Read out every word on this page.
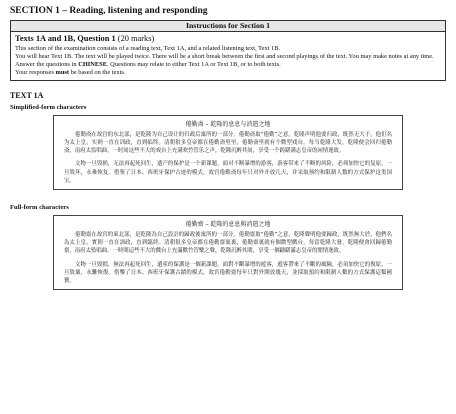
SECTION 1 – Reading, listening and responding
Instructions for Section 1
Texts 1A and 1B, Question 1 (20 marks)

This section of the examination consists of a reading text, Text 1A, and a related listening text, Text 1B.

You will hear Text 1B. The text will be played twice. There will be a short break between the first and second playings of the text. You may make notes at any time.

Answer the questions in CHINESE. Questions may relate to either Text 1A or Text 1B, or to both texts.

Your responses must be based on the texts.

TEXT 1A
Simplified-form characters
倦勤斋 – 乾隆的息息与消遣之地

倦勤斋在故宫的东北部，是乾隆为自己设计的归政后寓所的一部分。倦勤斋取“倦勤”之意，乾隆声明他要归政，既然无大于，他们名为太上皇，实则一直在训政，直到临终。清朝很多皇帝都在倦勤斋里里，倦勤斋里就有个微型戏台。每当乾隆大发，乾隆便会回归倦勤斋，南府太监唱曲。一时间这些不大的戏台上充满欢竹管乐之声，乾隆沉醉其间，享受一个踌躇满志皇帝的闲情逸致。

文物一旦毁损，无法再起死回生，遗产的保护是一个新课题。面对不断暴增的游客，游客带来了不断的风险，必须加快它的复原，一旦毁坏，永难恢复。借鉴了日本、西班牙保护古迹的模式，故宫倦勤斋每年只对外开放几天，并采取预约和限制人数的方式保护这类国宝。

Full-form characters
倦勤齋 – 乾隆的息息與消遣之地

倦勤齋在故宮的東北部，是乾隆為自己設計的歸政後寓所的一部分。倦勤齋取“倦勤”之意，乾隆聲明他要歸政，既然無大於，他們名為太上皇，實則一直在訓政，直到臨終。清朝很多皇帝都在倦勤齋裏裏，倦勤齋裏就有個微型戲台。每當乾隆大發，乾隆便會回歸倦勤齋，南府太監唱曲。一時間這些不大的戲台上充滿歡竹管樂之聲，乾隆沉醉其間，享受一個躊躇滿志皇帝的閒情逸致。

文物一旦毀損，無法再起死回生，遺產的保護是一個新課題。面對不斷暴增的遊客，遊客帶來了不斷的風險，必須加快它的復原，一旦毀壞，永難恢復。借鑒了日本、西班牙保護古蹟的模式，故宮倦勤齋每年只對外開放幾天，並採取預約和限制人數的方式保護這類國寶。
